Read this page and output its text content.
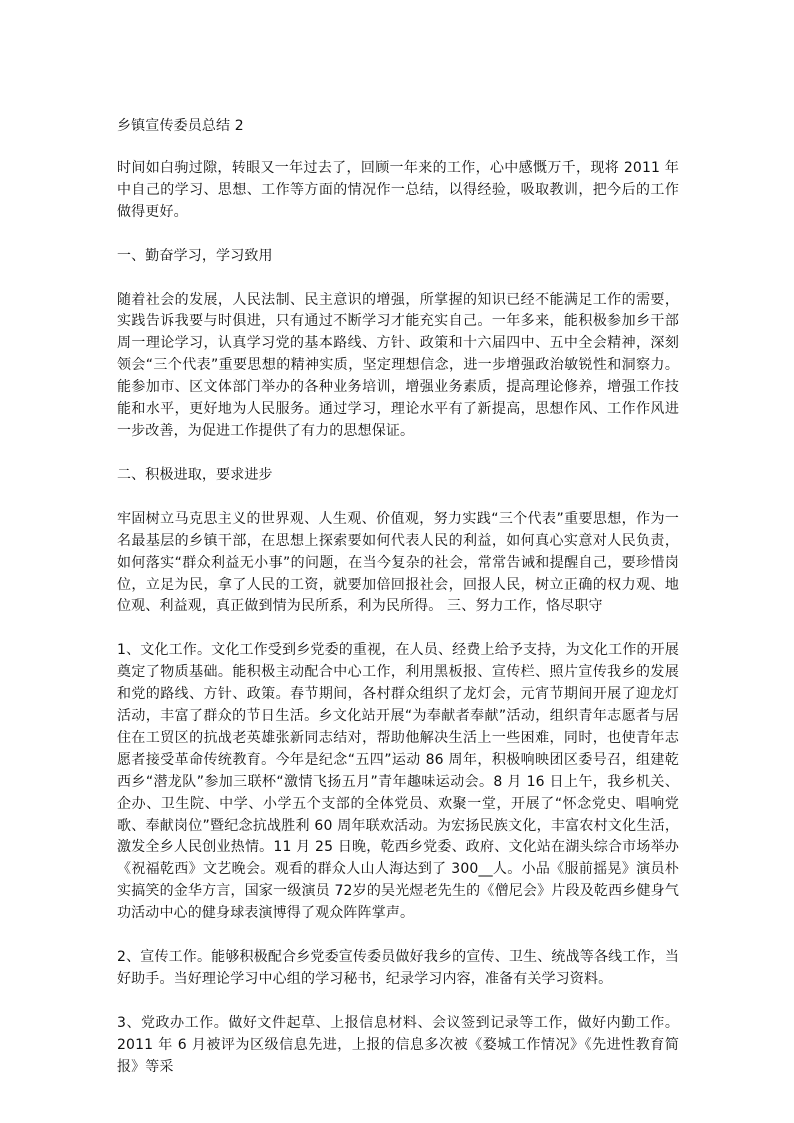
乡镇宣传委员总结 2

时间如白驹过隙，转眼又一年过去了，回顾一年来的工作，心中感慨万千，现将 2011 年中自己的学习、思想、工作等方面的情况作一总结，以得经验，吸取教训，把今后的工作做得更好。

一、勤奋学习，学习致用

随着社会的发展，人民法制、民主意识的增强，所掌握的知识已经不能满足工作的需要，实践告诉我要与时俱进，只有通过不断学习才能充实自己。一年多来，能积极参加乡干部周一理论学习，认真学习党的基本路线、方针、政策和十六届四中、五中全会精神，深刻领会“三个代表”重要思想的精神实质，坚定理想信念，进一步增强政治敏锐性和洞察力。能参加市、区文体部门举办的各种业务培训，增强业务素质，提高理论修养，增强工作技能和水平，更好地为人民服务。通过学习，理论水平有了新提高，思想作风、工作作风进一步改善，为促进工作提供了有力的思想保证。

二、积极进取，要求进步

牢固树立马克思主义的世界观、人生观、价值观，努力实践“三个代表”重要思想，作为一名最基层的乡镇干部，在思想上探索要如何代表人民的利益，如何真心实意对人民负责，如何落实“群众利益无小事”的问题，在当今复杂的社会，常常告诫和提醒自己，要珍惜岗位，立足为民，拿了人民的工资，就要加倍回报社会，回报人民，树立正确的权力观、地位观、利益观，真正做到情为民所系，利为民所得。 三、努力工作，恪尽职守

1、文化工作。文化工作受到乡党委的重视，在人员、经费上给予支持，为文化工作的开展奠定了物质基础。能积极主动配合中心工作，利用黑板报、宣传栏、照片宣传我乡的发展和党的路线、方针、政策。春节期间，各村群众组织了龙灯会，元宵节期间开展了迎龙灯活动，丰富了群众的节日生活。乡文化站开展“为奉献者奉献”活动，组织青年志愿者与居住在工贸区的抗战老英雄张新同志结对，帮助他解决生活上一些困难，同时，也使青年志愿者接受革命传统教育。今年是纪念“五四”运动 86 周年，积极响映团区委号召，组建乾西乡“潜龙队”参加三联杯“激情飞扬五月”青年趣味运动会。8 月 16 日上午，我乡机关、企办、卫生院、中学、小学五个支部的全体党员、欢聚一堂，开展了“怀念党史、唱响党歌、奉献岗位”暨纪念抗战胜利 60 周年联欢活动。为宏扬民族文化，丰富农村文化生活，激发全乡人民创业热情。11 月 25 日晚，乾西乡党委、政府、文化站在湖头综合市场举办《祝福乾西》文艺晚会。观看的群众人山人海达到了 300__人。小品《服前摇晃》演员朴实搞笑的金华方言，国家一级演员 72岁的吴光煜老先生的《僧尼会》片段及乾西乡健身气功活动中心的健身球表演博得了观众阵阵掌声。

2、宣传工作。能够积极配合乡党委宣传委员做好我乡的宣传、卫生、统战等各线工作，当好助手。当好理论学习中心组的学习秘书，纪录学习内容，准备有关学习资料。

3、党政办工作。做好文件起草、上报信息材料、会议签到记录等工作，做好内勤工作。2011 年 6 月被评为区级信息先进，上报的信息多次被《婺城工作情况》《先进性教育简报》等采
